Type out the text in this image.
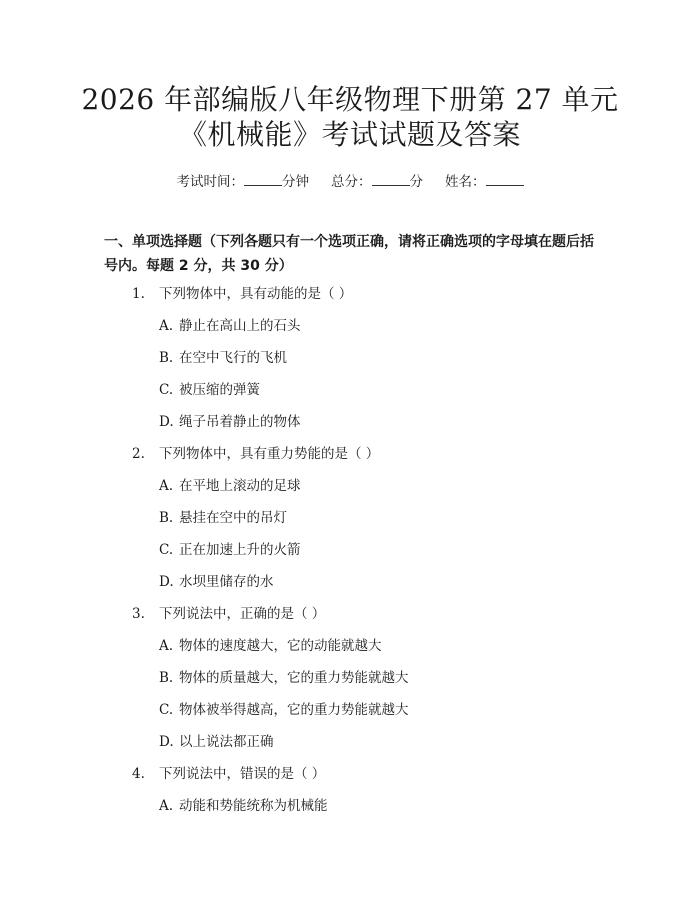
2026 年部编版八年级物理下册第 27 单元
《机械能》考试试题及答案
考试时间：	分钟 总分：	分 姓名：
一、单项选择题（下列各题只有一个选项正确，请将正确选项的字母填在题后括号内。每题 2 分，共 30 分）
1. 下列物体中，具有动能的是（ ）
A. 静止在高山上的石头
B. 在空中飞行的飞机
C. 被压缩的弹簧
D. 绳子吊着静止的物体
2. 下列物体中，具有重力势能的是（ ）
A. 在平地上滚动的足球
B. 悬挂在空中的吊灯
C. 正在加速上升的火箭
D. 水坝里储存的水
3. 下列说法中，正确的是（ ）
A. 物体的速度越大，它的动能就越大
B. 物体的质量越大，它的重力势能就越大
C. 物体被举得越高，它的重力势能就越大
D. 以上说法都正确
4. 下列说法中，错误的是（ ）
A. 动能和势能统称为机械能
